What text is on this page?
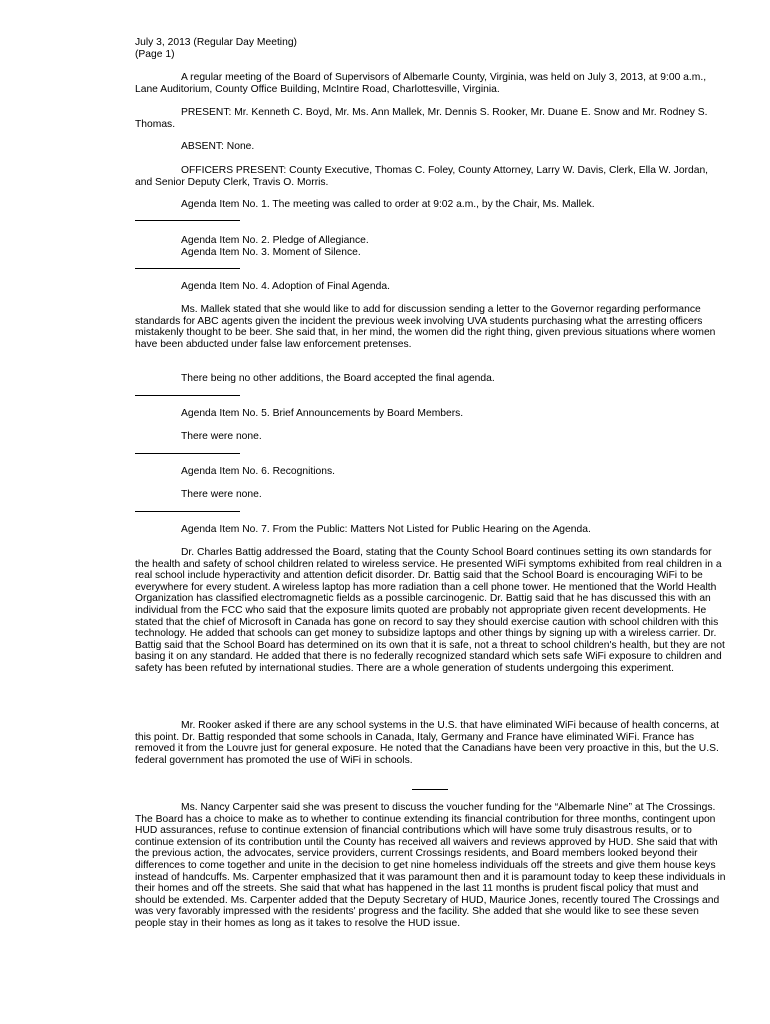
July 3, 2013 (Regular Day Meeting)

(Page 1)

A regular meeting of the Board of Supervisors of Albemarle County, Virginia, was held on July 3, 2013, at 9:00 a.m., Lane Auditorium, County Office Building, McIntire Road, Charlottesville, Virginia.

PRESENT: Mr. Kenneth C. Boyd, Mr. Ms. Ann Mallek, Mr. Dennis S. Rooker, Mr. Duane E. Snow and Mr. Rodney S. Thomas.

ABSENT: None.

OFFICERS PRESENT: County Executive, Thomas C. Foley, County Attorney, Larry W. Davis, Clerk, Ella W. Jordan, and Senior Deputy Clerk, Travis O. Morris.

Agenda Item No. 1. The meeting was called to order at 9:02 a.m., by the Chair, Ms. Mallek.

Agenda Item No. 2. Pledge of Allegiance.

Agenda Item No. 3. Moment of Silence.

Agenda Item No. 4. Adoption of Final Agenda.

Ms. Mallek stated that she would like to add for discussion sending a letter to the Governor regarding performance standards for ABC agents given the incident the previous week involving UVA students purchasing what the arresting officers mistakenly thought to be beer. She said that, in her mind, the women did the right thing, given previous situations where women have been abducted under false law enforcement pretenses.

There being no other additions, the Board accepted the final agenda.

Agenda Item No. 5. Brief Announcements by Board Members.

There were none.

Agenda Item No. 6. Recognitions.

There were none.

Agenda Item No. 7. From the Public: Matters Not Listed for Public Hearing on the Agenda.

Dr. Charles Battig addressed the Board, stating that the County School Board continues setting its own standards for the health and safety of school children related to wireless service. He presented WiFi symptoms exhibited from real children in a real school include hyperactivity and attention deficit disorder. Dr. Battig said that the School Board is encouraging WiFi to be everywhere for every student. A wireless laptop has more radiation than a cell phone tower. He mentioned that the World Health Organization has classified electromagnetic fields as a possible carcinogenic. Dr. Battig said that he has discussed this with an individual from the FCC who said that the exposure limits quoted are probably not appropriate given recent developments. He stated that the chief of Microsoft in Canada has gone on record to say they should exercise caution with school children with this technology. He added that schools can get money to subsidize laptops and other things by signing up with a wireless carrier. Dr. Battig said that the School Board has determined on its own that it is safe, not a threat to school children's health, but they are not basing it on any standard. He added that there is no federally recognized standard which sets safe WiFi exposure to children and safety has been refuted by international studies. There are a whole generation of students undergoing this experiment.

Mr. Rooker asked if there are any school systems in the U.S. that have eliminated WiFi because of health concerns, at this point. Dr. Battig responded that some schools in Canada, Italy, Germany and France have eliminated WiFi. France has removed it from the Louvre just for general exposure. He noted that the Canadians have been very proactive in this, but the U.S. federal government has promoted the use of WiFi in schools.

Ms. Nancy Carpenter said she was present to discuss the voucher funding for the “Albemarle Nine” at The Crossings. The Board has a choice to make as to whether to continue extending its financial contribution for three months, contingent upon HUD assurances, refuse to continue extension of financial contributions which will have some truly disastrous results, or to continue extension of its contribution until the County has received all waivers and reviews approved by HUD. She said that with the previous action, the advocates, service providers, current Crossings residents, and Board members looked beyond their differences to come together and unite in the decision to get nine homeless individuals off the streets and give them house keys instead of handcuffs. Ms. Carpenter emphasized that it was paramount then and it is paramount today to keep these individuals in their homes and off the streets. She said that what has happened in the last 11 months is prudent fiscal policy that must and should be extended. Ms. Carpenter added that the Deputy Secretary of HUD, Maurice Jones, recently toured The Crossings and was very favorably impressed with the residents' progress and the facility. She added that she would like to see these seven people stay in their homes as long as it takes to resolve the HUD issue.
